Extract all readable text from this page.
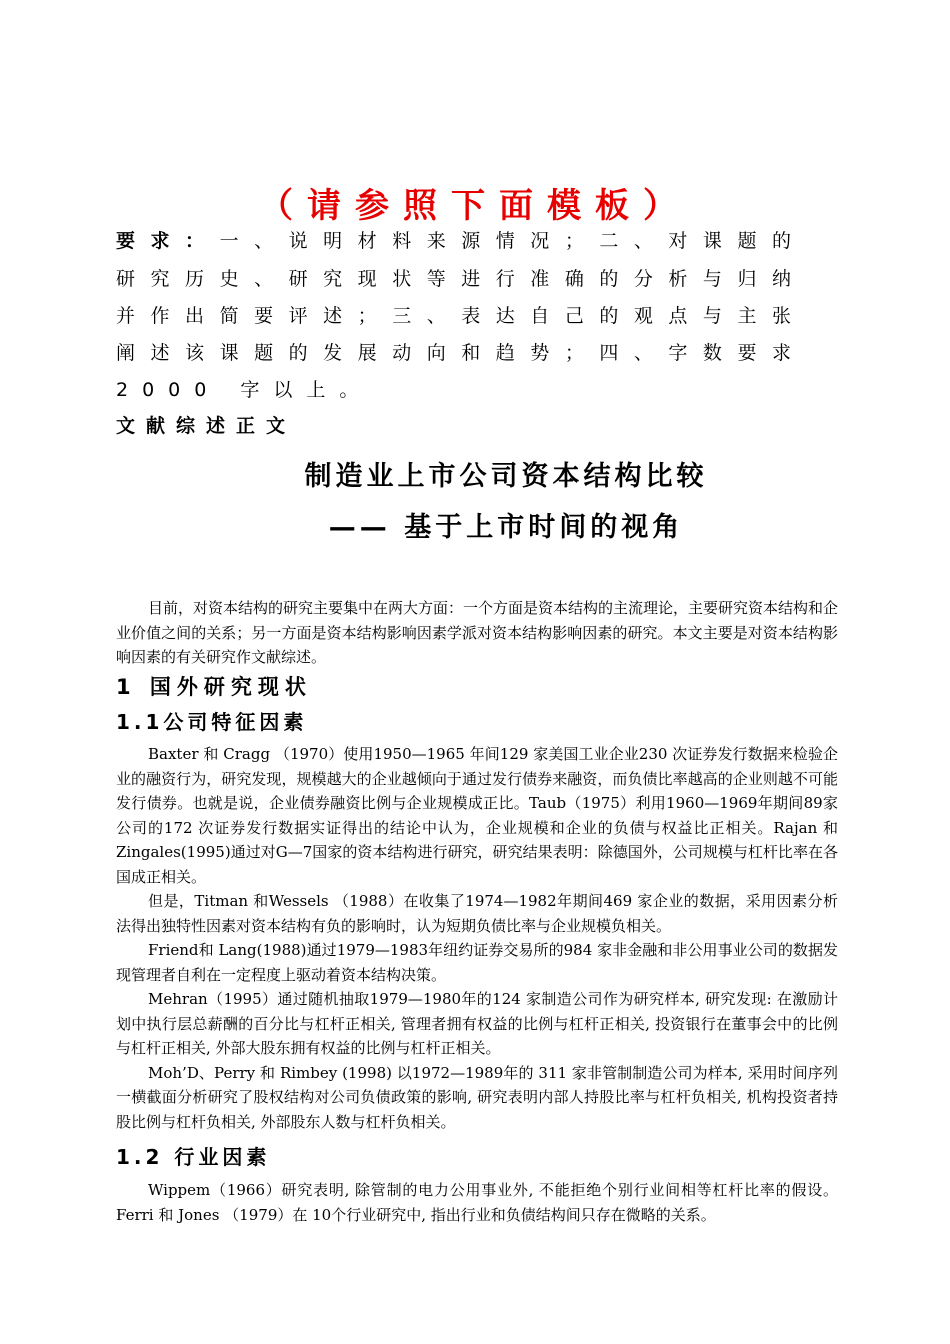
（请参照下面模板）
要求：一、说明材料来源情况；二、对课题的
研究历史、研究现状等进行准确的分析与归纳
并作出简要评述；三、表达自己的观点与主张
阐述该课题的发展动向和趋势；四、字数要求
2000 字以上。
文献综述正文
制造业上市公司资本结构比较
—— 基于上市时间的视角

目前，对资本结构的研究主要集中在两大方面：一个方面是资本结构的主流理论，主要研究资本结构和企业价值之间的关系；另一方面是资本结构影响因素学派对资本结构影响因素的研究。本文主要是对资本结构影响因素的有关研究作文献综述。

1 国外研究现状
1.1公司特征因素

Baxter 和 Cragg （1970）使用1950—1965 年间129 家美国工业企业230 次证券发行数据来检验企业的融资行为，研究发现，规模越大的企业越倾向于通过发行债券来融资，而负债比率越高的企业则越不可能发行债券。也就是说，企业债券融资比例与企业规模成正比。Taub（1975）利用1960—1969年期间89家公司的172 次证券发行数据实证得出的结论中认为，企业规模和企业的负债与权益比正相关。Rajan 和Zingales(1995)通过对G—7国家的资本结构进行研究，研究结果表明：除德国外，公司规模与杠杆比率在各国成正相关。

但是，Titman 和Wessels （1988）在收集了1974—1982年期间469 家企业的数据，采用因素分析法得出独特性因素对资本结构有负的影响时，认为短期负债比率与企业规模负相关。

Friend和 Lang(1988)通过1979—1983年纽约证券交易所的984 家非金融和非公用事业公司的数据发现管理者自利在一定程度上驱动着资本结构决策。

Mehran（1995）通过随机抽取1979—1980年的124 家制造公司作为研究样本, 研究发现: 在激励计划中执行层总薪酬的百分比与杠杆正相关, 管理者拥有权益的比例与杠杆正相关, 投资银行在董事会中的比例与杠杆正相关, 外部大股东拥有权益的比例与杠杆正相关。

Moh’D、Perry 和 Rimbey (1998) 以1972—1989年的 311 家非管制制造公司为样本, 采用时间序列一横截面分析研究了股权结构对公司负债政策的影响, 研究表明内部人持股比率与杠杆负相关, 机构投资者持股比例与杠杆负相关, 外部股东人数与杠杆负相关。

1.2 行业因素

Wippem（1966）研究表明, 除管制的电力公用事业外, 不能拒绝个别行业间相等杠杆比率的假设。Ferri 和 Jones （1979）在 10个行业研究中, 指出行业和负债结构间只存在微略的关系。
